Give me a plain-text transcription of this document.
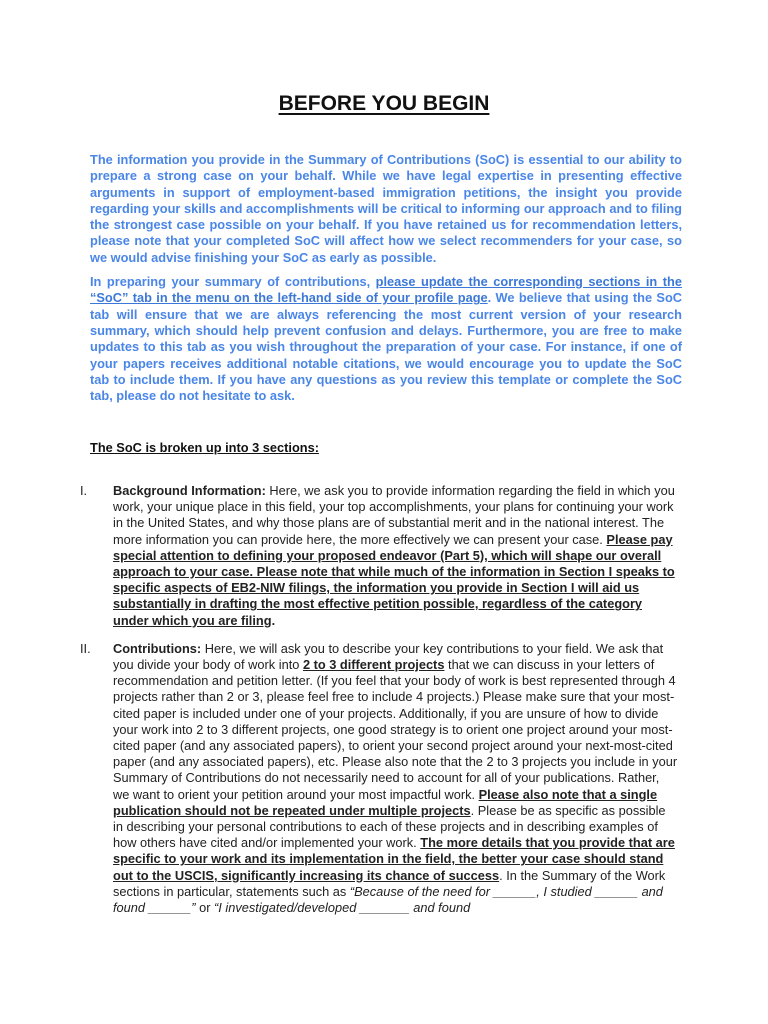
BEFORE YOU BEGIN

The information you provide in the Summary of Contributions (SoC) is essential to our ability to prepare a strong case on your behalf. While we have legal expertise in presenting effective arguments in support of employment-based immigration petitions, the insight you provide regarding your skills and accomplishments will be critical to informing our approach and to filing the strongest case possible on your behalf. If you have retained us for recommendation letters, please note that your completed SoC will affect how we select recommenders for your case, so we would advise finishing your SoC as early as possible.

In preparing your summary of contributions, please update the corresponding sections in the “SoC” tab in the menu on the left-hand side of your profile page. We believe that using the SoC tab will ensure that we are always referencing the most current version of your research summary, which should help prevent confusion and delays. Furthermore, you are free to make updates to this tab as you wish throughout the preparation of your case. For instance, if one of your papers receives additional notable citations, we would encourage you to update the SoC tab to include them. If you have any questions as you review this template or complete the SoC tab, please do not hesitate to ask.

The SoC is broken up into 3 sections:
I.	Background Information: Here, we ask you to provide information regarding the field in which you work, your unique place in this field, your top accomplishments, your plans for continuing your work in the United States, and why those plans are of substantial merit and in the national interest. The more information you can provide here, the more effectively we can present your case. Please pay special attention to defining your proposed endeavor (Part 5), which will shape our overall approach to your case. Please note that while much of the information in Section I speaks to specific aspects of EB2-NIW filings, the information you provide in Section I will aid us substantially in drafting the most effective petition possible, regardless of the category under which you are filing.
II.	Contributions: Here, we will ask you to describe your key contributions to your field. We ask that you divide your body of work into 2 to 3 different projects that we can discuss in your letters of recommendation and petition letter. (If you feel that your body of work is best represented through 4 projects rather than 2 or 3, please feel free to include 4 projects.) Please make sure that your most-cited paper is included under one of your projects. Additionally, if you are unsure of how to divide your work into 2 to 3 different projects, one good strategy is to orient one project around your most-cited paper (and any associated papers), to orient your second project around your next-most-cited paper (and any associated papers), etc. Please also note that the 2 to 3 projects you include in your Summary of Contributions do not necessarily need to account for all of your publications. Rather, we want to orient your petition around your most impactful work. Please also note that a single publication should not be repeated under multiple projects. Please be as specific as possible in describing your personal contributions to each of these projects and in describing examples of how others have cited and/or implemented your work. The more details that you provide that are specific to your work and its implementation in the field, the better your case should stand out to the USCIS, significantly increasing its chance of success. In the Summary of the Work sections in particular, statements such as “Because of the need for ______, I studied ______ and found ______” or “I investigated/developed _______ and found
